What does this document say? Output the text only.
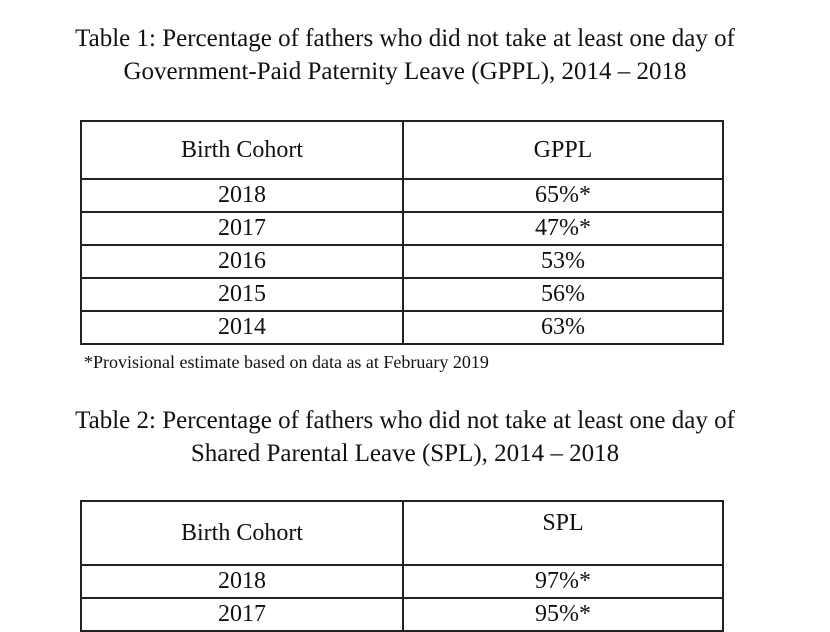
Table 1: Percentage of fathers who did not take at least one day of
Government-Paid Paternity Leave (GPPL), 2014 – 2018
Birth Cohort	GPPL
2018	65%*
2017	47%*
2016	53%
2015	56%
2014	63%
*Provisional estimate based on data as at February 2019
Table 2: Percentage of fathers who did not take at least one day of
Shared Parental Leave (SPL), 2014 – 2018
Birth Cohort	SPL
2018	97%*
2017	95%*
